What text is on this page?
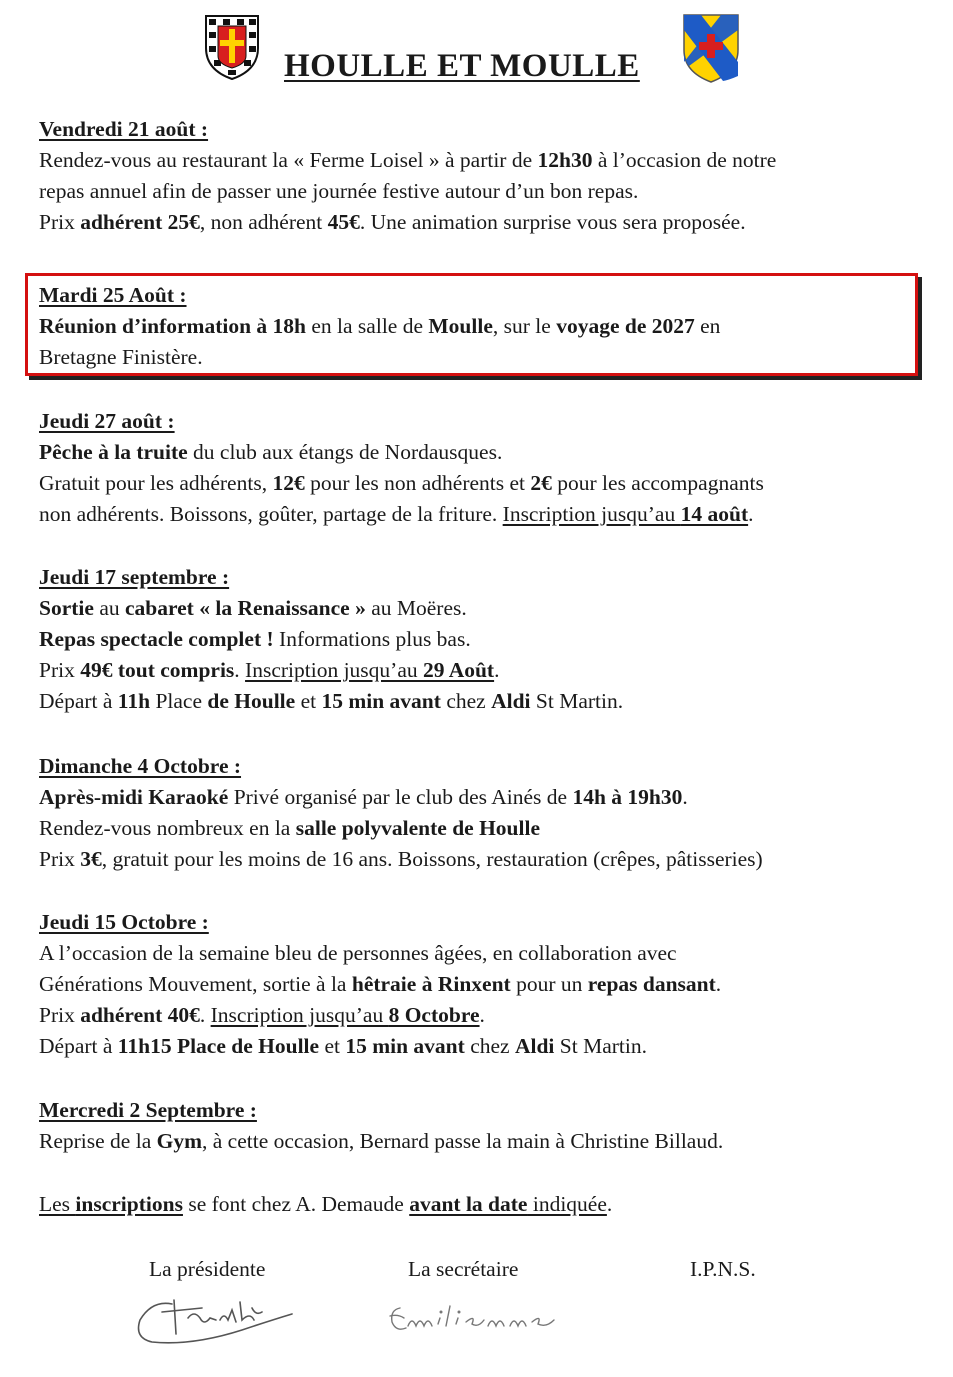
HOULLE ET MOULLE

Vendredi 21 août :

Rendez-vous au restaurant la « Ferme Loisel » à partir de 12h30 à l’occasion de notre

repas annuel afin de passer une journée festive autour d’un bon repas.

Prix adhérent 25€, non adhérent 45€. Une animation surprise vous sera proposée.

Mardi 25 Août :

Réunion d’information à 18h en la salle de Moulle, sur le voyage de 2027 en

Bretagne Finistère.

Jeudi 27 août :

Pêche à la truite du club aux étangs de Nordausques.

Gratuit pour les adhérents, 12€ pour les non adhérents et 2€ pour les accompagnants

non adhérents. Boissons, goûter, partage de la friture. Inscription jusqu’au 14 août.

Jeudi 17 septembre :

Sortie au cabaret « la Renaissance » au Moëres.

Repas spectacle complet ! Informations plus bas.

Prix 49€ tout compris. Inscription jusqu’au 29 Août.

Départ à 11h Place de Houlle et 15 min avant chez Aldi St Martin.

Dimanche 4 Octobre :

Après-midi Karaoké Privé organisé par le club des Ainés de 14h à 19h30.

Rendez-vous nombreux en la salle polyvalente de Houlle

Prix 3€, gratuit pour les moins de 16 ans. Boissons, restauration (crêpes, pâtisseries)

Jeudi 15 Octobre :

A l’occasion de la semaine bleu de personnes âgées, en collaboration avec

Générations Mouvement, sortie à la hêtraie à Rinxent pour un repas dansant.

Prix adhérent 40€. Inscription jusqu’au 8 Octobre.

Départ à 11h15 Place de Houlle et 15 min avant chez Aldi St Martin.

Mercredi 2 Septembre :

Reprise de la Gym, à cette occasion, Bernard passe la main à Christine Billaud.

Les inscriptions se font chez A. Demaude avant la date indiquée.

La présidente	La secrétaire	I.P.N.S.
